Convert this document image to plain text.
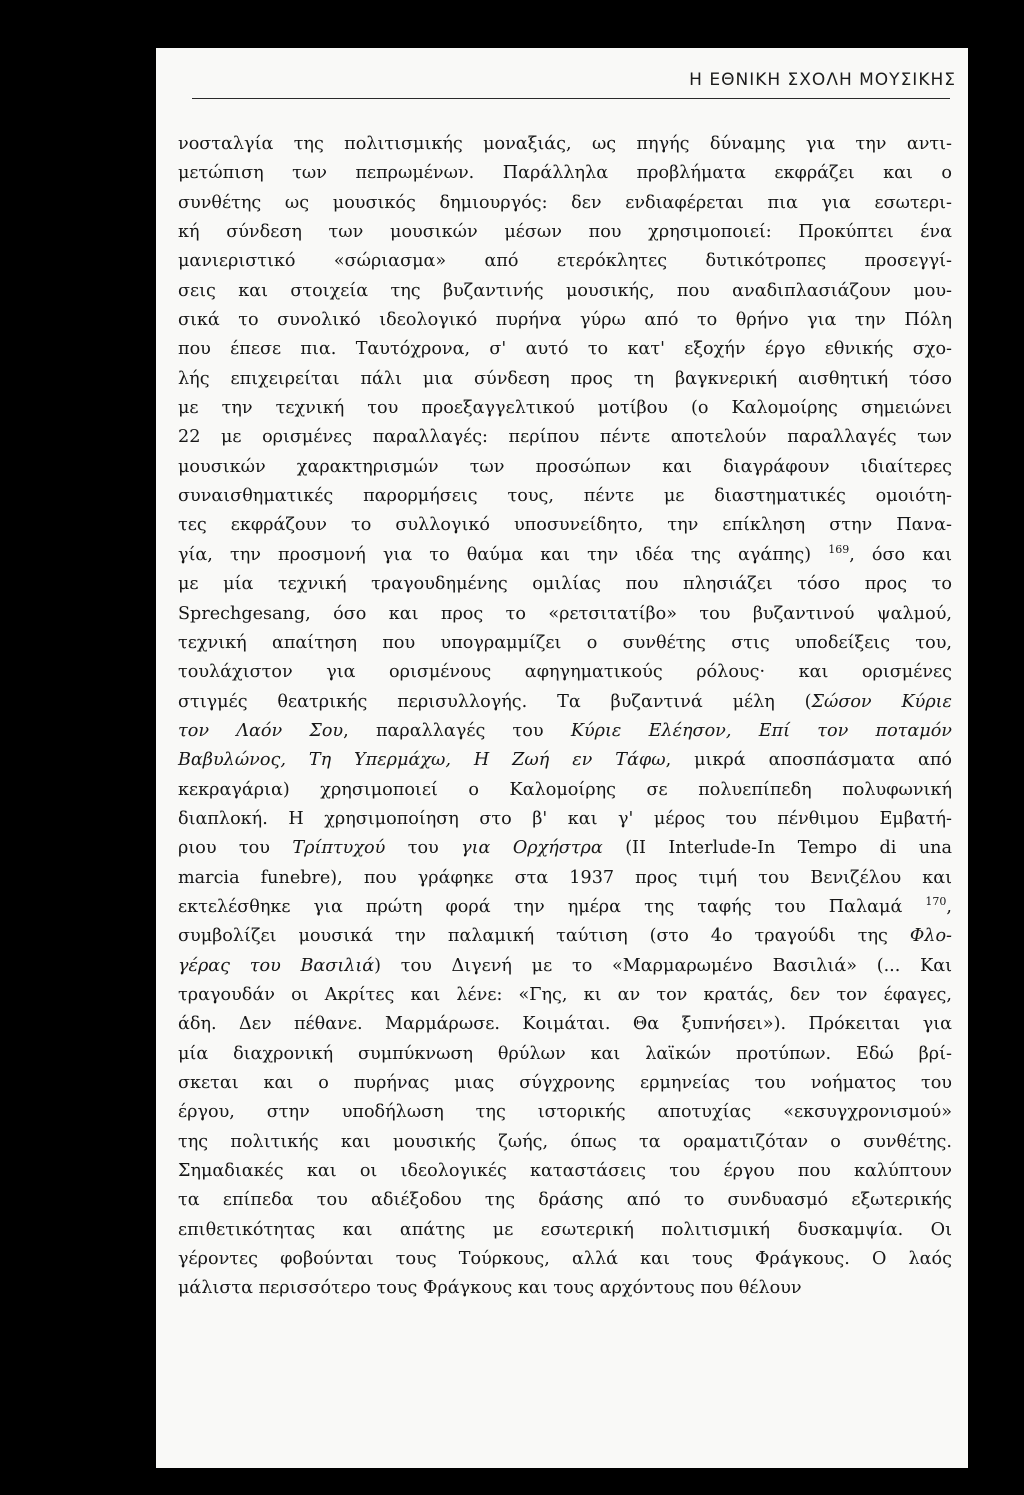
Η ΕΘΝΙΚΗ ΣΧΟΛΗ ΜΟΥΣΙΚΗΣ
νοσταλγία της πολιτισμικής μοναξιάς, ως πηγής δύναμης για την αντι-
μετώπιση των πεπρωμένων. Παράλληλα προβλήματα εκφράζει και ο
συνθέτης ως μουσικός δημιουργός: δεν ενδιαφέρεται πια για εσωτερι-
κή σύνδεση των μουσικών μέσων που χρησιμοποιεί: Προκύπτει ένα
μανιεριστικό «σώριασμα» από ετερόκλητες δυτικότροπες προσεγγί-
σεις και στοιχεία της βυζαντινής μουσικής, που αναδιπλασιάζουν μου-
σικά το συνολικό ιδεολογικό πυρήνα γύρω από το θρήνο για την Πόλη
που έπεσε πια. Ταυτόχρονα, σ' αυτό το κατ' εξοχήν έργο εθνικής σχο-
λής επιχειρείται πάλι μια σύνδεση προς τη βαγκνερική αισθητική τόσο
με την τεχνική του προεξαγγελτικού μοτίβου (ο Καλομοίρης σημειώνει
22 με ορισμένες παραλλαγές: περίπου πέντε αποτελούν παραλλαγές των
μουσικών χαρακτηρισμών των προσώπων και διαγράφουν ιδιαίτερες
συναισθηματικές παρορμήσεις τους, πέντε με διαστηματικές ομοιότη-
τες εκφράζουν το συλλογικό υποσυνείδητο, την επίκληση στην Πανα-
γία, την προσμονή για το θαύμα και την ιδέα της αγάπης) $^{169}$, όσο και
με μία τεχνική τραγουδημένης ομιλίας που πλησιάζει τόσο προς το
Sprechgesang, όσο και προς το «ρετσιτατίβο» του βυζαντινού ψαλμού,
τεχνική απαίτηση που υπογραμμίζει ο συνθέτης στις υποδείξεις του,
τουλάχιστον για ορισμένους αφηγηματικούς ρόλους· και ορισμένες
στιγμές θεατρικής περισυλλογής. Τα βυζαντινά μέλη (Σώσον Κύριε
τον Λαόν Σου, παραλλαγές του Κύριε Ελέησον, Επί τον ποταμόν
Βαβυλώνος, Τη Υπερμάχω, Η Ζωή εν Τάφω, μικρά αποσπάσματα από
κεκραγάρια) χρησιμοποιεί ο Καλομοίρης σε πολυεπίπεδη πολυφωνική
διαπλοκή. Η χρησιμοποίηση στο β' και γ' μέρος του πένθιμου Εμβατή-
ριου του Τρίπτυχού του για Ορχήστρα (II Interlude-In Tempo di una
marcia funebre), που γράφηκε στα 1937 προς τιμή του Βενιζέλου και
εκτελέσθηκε για πρώτη φορά την ημέρα της ταφής του Παλαμά $^{170}$,
συμβολίζει μουσικά την παλαμική ταύτιση (στο 4ο τραγούδι της Φλο-
γέρας του Βασιλιά) του Διγενή με το «Μαρμαρωμένο Βασιλιά» (... Και
τραγουδάν οι Ακρίτες και λένε: «Γης, κι αν τον κρατάς, δεν τον έφαγες,
άδη. Δεν πέθανε. Μαρμάρωσε. Κοιμάται. Θα ξυπνήσει»). Πρόκειται για
μία διαχρονική συμπύκνωση θρύλων και λαϊκών προτύπων. Εδώ βρί-
σκεται και ο πυρήνας μιας σύγχρονης ερμηνείας του νοήματος του
έργου, στην υποδήλωση της ιστορικής αποτυχίας «εκσυγχρονισμού»
της πολιτικής και μουσικής ζωής, όπως τα οραματιζόταν ο συνθέτης.
Σημαδιακές και οι ιδεολογικές καταστάσεις του έργου που καλύπτουν
τα επίπεδα του αδιέξοδου της δράσης από το συνδυασμό εξωτερικής
επιθετικότητας και απάτης με εσωτερική πολιτισμική δυσκαμψία. Οι
γέροντες φοβούνται τους Τούρκους, αλλά και τους Φράγκους. Ο λαός
μάλιστα περισσότερο τους Φράγκους και τους αρχόντους που θέλουν
